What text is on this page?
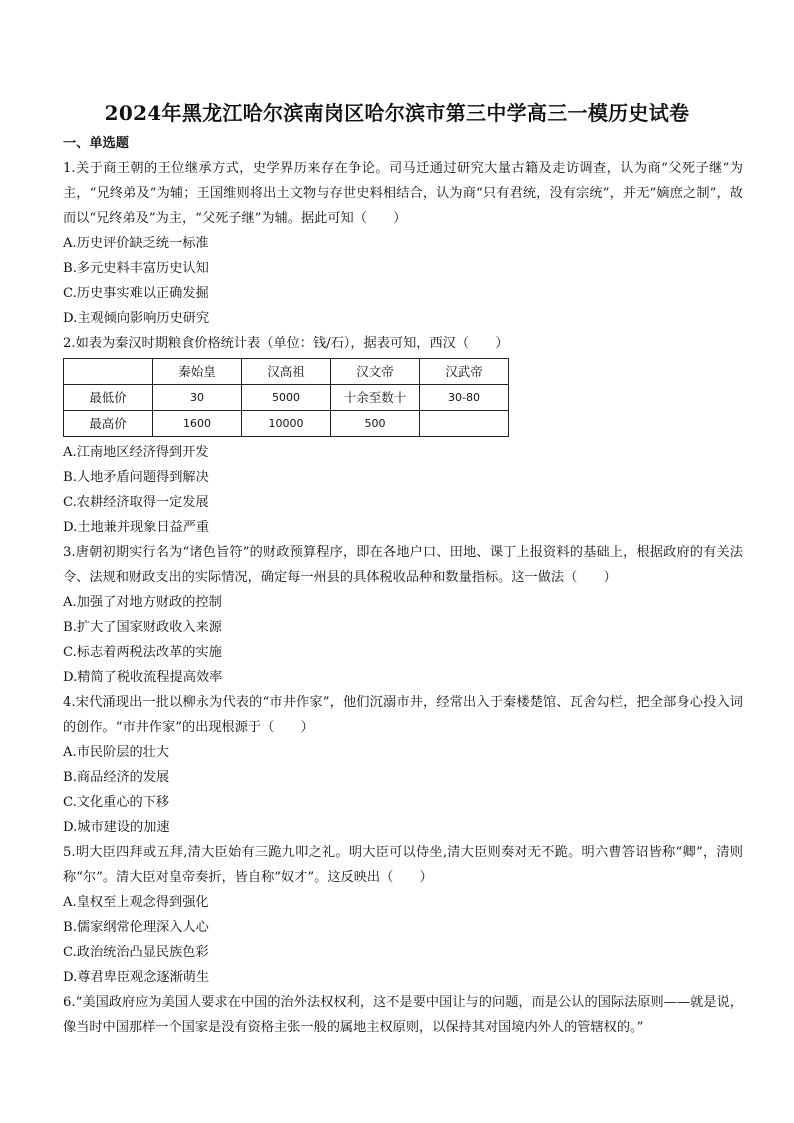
2024年黑龙江哈尔滨南岗区哈尔滨市第三中学高三一模历史试卷

一、单选题

1.关于商王朝的王位继承方式，史学界历来存在争论。司马迁通过研究大量古籍及走访调查，认为商“父死子继”为主，“兄终弟及”为辅；王国维则将出土文物与存世史料相结合，认为商“只有君统，没有宗统”，并无“嫡庶之制”，故而以“兄终弟及”为主，“父死子继”为辅。据此可知（　　）

A.历史评价缺乏统一标准

B.多元史料丰富历史认知

C.历史事实难以正确发掘

D.主观倾向影响历史研究

2.如表为秦汉时期粮食价格统计表（单位：钱/石），据表可知，西汉（　　）

	秦始皇	汉高祖	汉文帝	汉武帝
最低价	30	5000	十余至数十	30-80
最高价	1600	10000	500	

A.江南地区经济得到开发

B.人地矛盾问题得到解决

C.农耕经济取得一定发展

D.土地兼并现象日益严重

3.唐朝初期实行名为“诸色旨符”的财政预算程序，即在各地户口、田地、课丁上报资料的基础上，根据政府的有关法令、法规和财政支出的实际情况，确定每一州县的具体税收品种和数量指标。这一做法（　　）

A.加强了对地方财政的控制

B.扩大了国家财政收入来源

C.标志着两税法改革的实施

D.精简了税收流程提高效率

4.宋代涌现出一批以柳永为代表的“市井作家”，他们沉溺市井，经常出入于秦楼楚馆、瓦舍勾栏，把全部身心投入词的创作。“市井作家”的出现根源于（　　）

A.市民阶层的壮大

B.商品经济的发展

C.文化重心的下移

D.城市建设的加速

5.明大臣四拜或五拜,清大臣始有三跪九叩之礼。明大臣可以侍坐,清大臣则奏对无不跪。明六曹答诏皆称“卿”，清则称“尔”。清大臣对皇帝奏折，皆自称“奴才”。这反映出（　　）

A.皇权至上观念得到强化

B.儒家纲常伦理深入人心

C.政治统治凸显民族色彩

D.尊君卑臣观念逐渐萌生

6.“美国政府应为美国人要求在中国的治外法权权利，这不是要中国让与的问题，而是公认的国际法原则——就是说，像当时中国那样一个国家是没有资格主张一般的属地主权原则，以保持其对国境内外人的管辖权的。”
